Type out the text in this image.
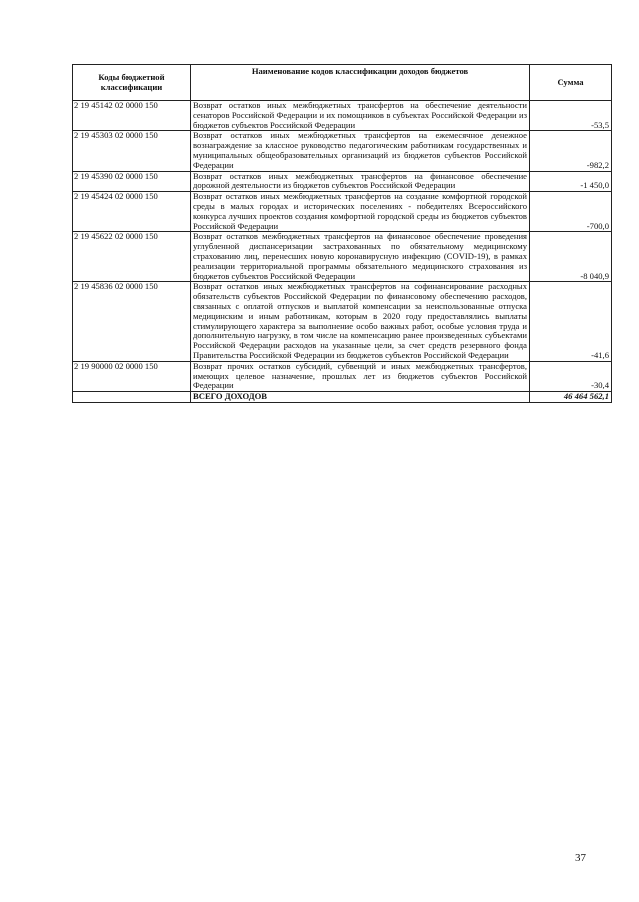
Коды бюджетной классификации	Наименование кодов классификации доходов бюджетов	Сумма
2 19 45142 02 0000 150	Возврат остатков иных межбюджетных трансфертов на обеспечение деятельности сенаторов Российской Федерации и их помощников в субъектах Российской Федерации из бюджетов субъектов Российской Федерации	-53,5
2 19 45303 02 0000 150	Возврат остатков иных межбюджетных трансфертов на ежемесячное денежное вознаграждение за классное руководство педагогическим работникам государственных и муниципальных общеобразовательных организаций из бюджетов субъектов Российской Федерации	-982,2
2 19 45390 02 0000 150	Возврат остатков иных межбюджетных трансфертов на финансовое обеспечение дорожной деятельности из бюджетов субъектов Российской Федерации	-1 450,0
2 19 45424 02 0000 150	Возврат остатков иных межбюджетных трансфертов на создание комфортной городской среды в малых городах и исторических поселениях - победителях Всероссийского конкурса лучших проектов создания комфортной городской среды из бюджетов субъектов Российской Федерации	-700,0
2 19 45622 02 0000 150	Возврат остатков межбюджетных трансфертов на финансовое обеспечение проведения углубленной диспансеризации застрахованных по обязательному медицинскому страхованию лиц, перенесших новую коронавирусную инфекцию (COVID-19), в рамках реализации территориальной программы обязательного медицинского страхования из бюджетов субъектов Российской Федерации	-8 040,9
2 19 45836 02 0000 150	Возврат остатков иных межбюджетных трансфертов на софинансирование расходных обязательств субъектов Российской Федерации по финансовому обеспечению расходов, связанных с оплатой отпусков и выплатой компенсации за неиспользованные отпуска медицинским и иным работникам, которым в 2020 году предоставлялись выплаты стимулирующего характера за выполнение особо важных работ, особые условия труда и дополнительную нагрузку, в том числе на компенсацию ранее произведенных субъектами Российской Федерации расходов на указанные цели, за счет средств резервного фонда Правительства Российской Федерации из бюджетов субъектов Российской Федерации	-41,6
2 19 90000 02 0000 150	Возврат прочих остатков субсидий, субвенций и иных межбюджетных трансфертов, имеющих целевое назначение, прошлых лет из бюджетов субъектов Российской Федерации	-30,4
	ВСЕГО ДОХОДОВ	46 464 562,1
37
